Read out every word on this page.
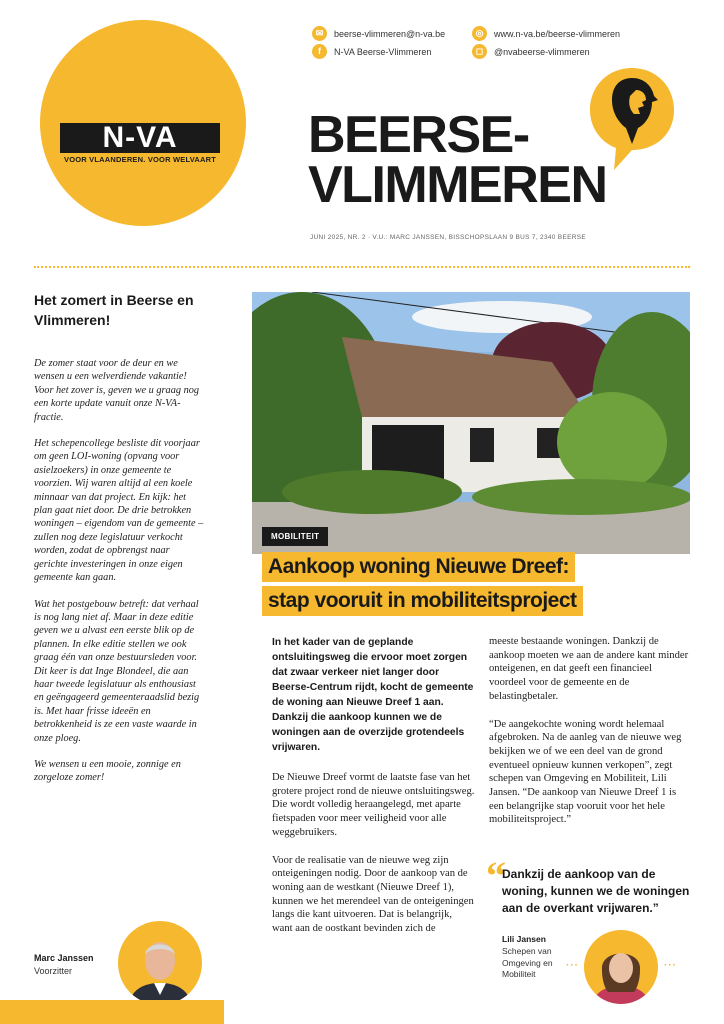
N-VA
VOOR VLAANDEREN. VOOR WELVAART
✉	beerse-vlimmeren@n-va.be
f	N-VA Beerse-Vlimmeren
◎	www.n-va.be/beerse-vlimmeren
◻	@nvabeerse-vlimmeren
BEERSE-
VLIMMEREN
JUNI 2025, NR. 2 · V.U.: MARC JANSSEN, BISSCHOPSLAAN 9 BUS 7, 2340 BEERSE
Het zomert in Beerse en Vlimmeren!

De zomer staat voor de deur en we wensen u een welverdiende vakantie! Voor het zover is, geven we u graag nog een korte update vanuit onze N-VA-fractie.

Het schepencollege besliste dit voorjaar om geen LOI-woning (opvang voor asielzoekers) in onze gemeente te voorzien. Wij waren altijd al een koele minnaar van dat project. En kijk: het plan gaat niet door. De drie betrokken woningen – eigendom van de gemeente – zullen nog deze legislatuur verkocht worden, zodat de opbrengst naar gerichte investeringen in onze eigen gemeente kan gaan.

Wat het postgebouw betreft: dat verhaal is nog lang niet af. Maar in deze editie geven we u alvast een eerste blik op de plannen. In elke editie stellen we ook graag één van onze bestuursleden voor. Dit keer is dat Inge Blondeel, die aan haar tweede legislatuur als enthousiast en geëngageerd gemeenteraadslid bezig is. Met haar frisse ideeën en betrokkenheid is ze een vaste waarde in onze ploeg.

We wensen u een mooie, zonnige en zorgeloze zomer!

Marc Janssen
Voorzitter
MOBILITEIT
Aankoop woning Nieuwe Dreef:
stap vooruit in mobiliteitsproject
In het kader van de geplande ontsluitingsweg die ervoor moet zorgen dat zwaar verkeer niet langer door Beerse-Centrum rijdt, kocht de gemeente de woning aan Nieuwe Dreef 1 aan. Dankzij die aankoop kunnen we de woningen aan de overzijde grotendeels vrijwaren.

De Nieuwe Dreef vormt de laatste fase van het grotere project rond de nieuwe ontsluitingsweg. Die wordt volledig heraangelegd, met aparte fietspaden voor meer veiligheid voor alle weggebruikers.

Voor de realisatie van de nieuwe weg zijn onteigeningen nodig. Door de aankoop van de woning aan de westkant (Nieuwe Dreef 1), kunnen we het merendeel van de onteigeningen langs die kant uitvoeren. Dat is belangrijk, want aan de oostkant bevinden zich de

meeste bestaande woningen. Dankzij de aankoop moeten we aan de andere kant minder onteigenen, en dat geeft een financieel voordeel voor de gemeente en de belastingbetaler.

“De aangekochte woning wordt helemaal afgebroken. Na de aanleg van de nieuwe weg bekijken we of we een deel van de grond eventueel opnieuw kunnen verkopen”, zegt schepen van Omgeving en Mobiliteit, Lili Jansen. “De aankoop van Nieuwe Dreef 1 is een belangrijke stap vooruit voor het hele mobiliteitsproject.”

“
Dankzij de aankoop van de woning, kunnen we de woningen aan de overkant vrijwaren.”
Lili Jansen
Schepen van Omgeving en Mobiliteit
···	···
